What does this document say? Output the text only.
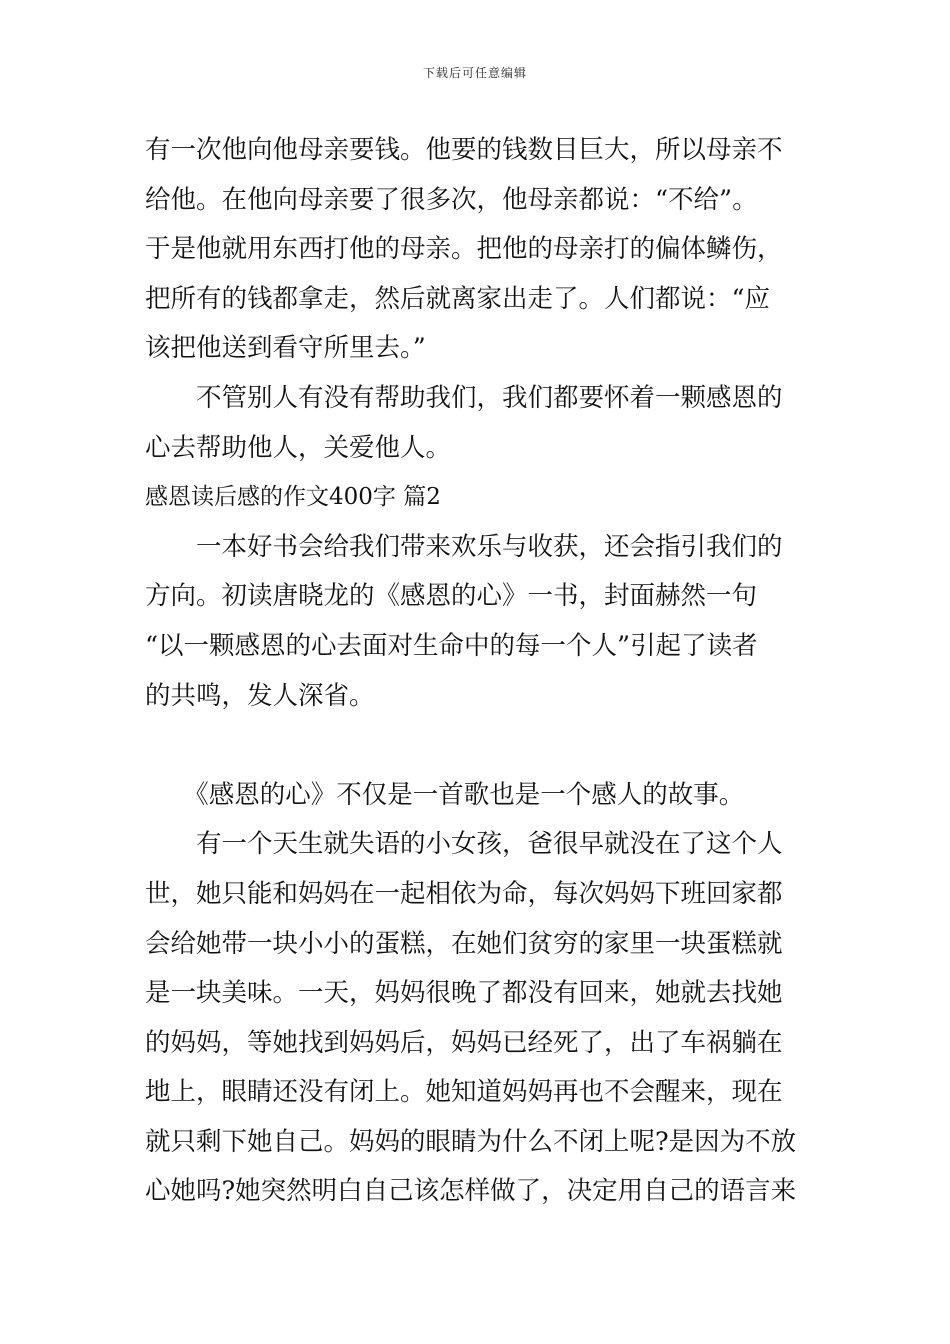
下载后可任意编辑
有一次他向他母亲要钱。他要的钱数目巨大，所以母亲不
给他。在他向母亲要了很多次，他母亲都说：“不给”。
于是他就用东西打他的母亲。把他的母亲打的偏体鳞伤，
把所有的钱都拿走，然后就离家出走了。人们都说：“应
该把他送到看守所里去。”
　　不管别人有没有帮助我们，我们都要怀着一颗感恩的
心去帮助他人，关爱他人。
感恩读后感的作文400字 篇2
　　一本好书会给我们带来欢乐与收获，还会指引我们的
方向。初读唐晓龙的《感恩的心》一书，封面赫然一句
“以一颗感恩的心去面对生命中的每一个人”引起了读者
的共鸣，发人深省。
　　《感恩的心》不仅是一首歌也是一个感人的故事。
　　有一个天生就失语的小女孩，爸很早就没在了这个人
世，她只能和妈妈在一起相依为命，每次妈妈下班回家都
会给她带一块小小的蛋糕，在她们贫穷的家里一块蛋糕就
是一块美味。一天，妈妈很晚了都没有回来，她就去找她
的妈妈，等她找到妈妈后，妈妈已经死了，出了车祸躺在
地上，眼睛还没有闭上。她知道妈妈再也不会醒来，现在
就只剩下她自己。妈妈的眼睛为什么不闭上呢?是因为不放
心她吗?她突然明白自己该怎样做了，决定用自己的语言来
